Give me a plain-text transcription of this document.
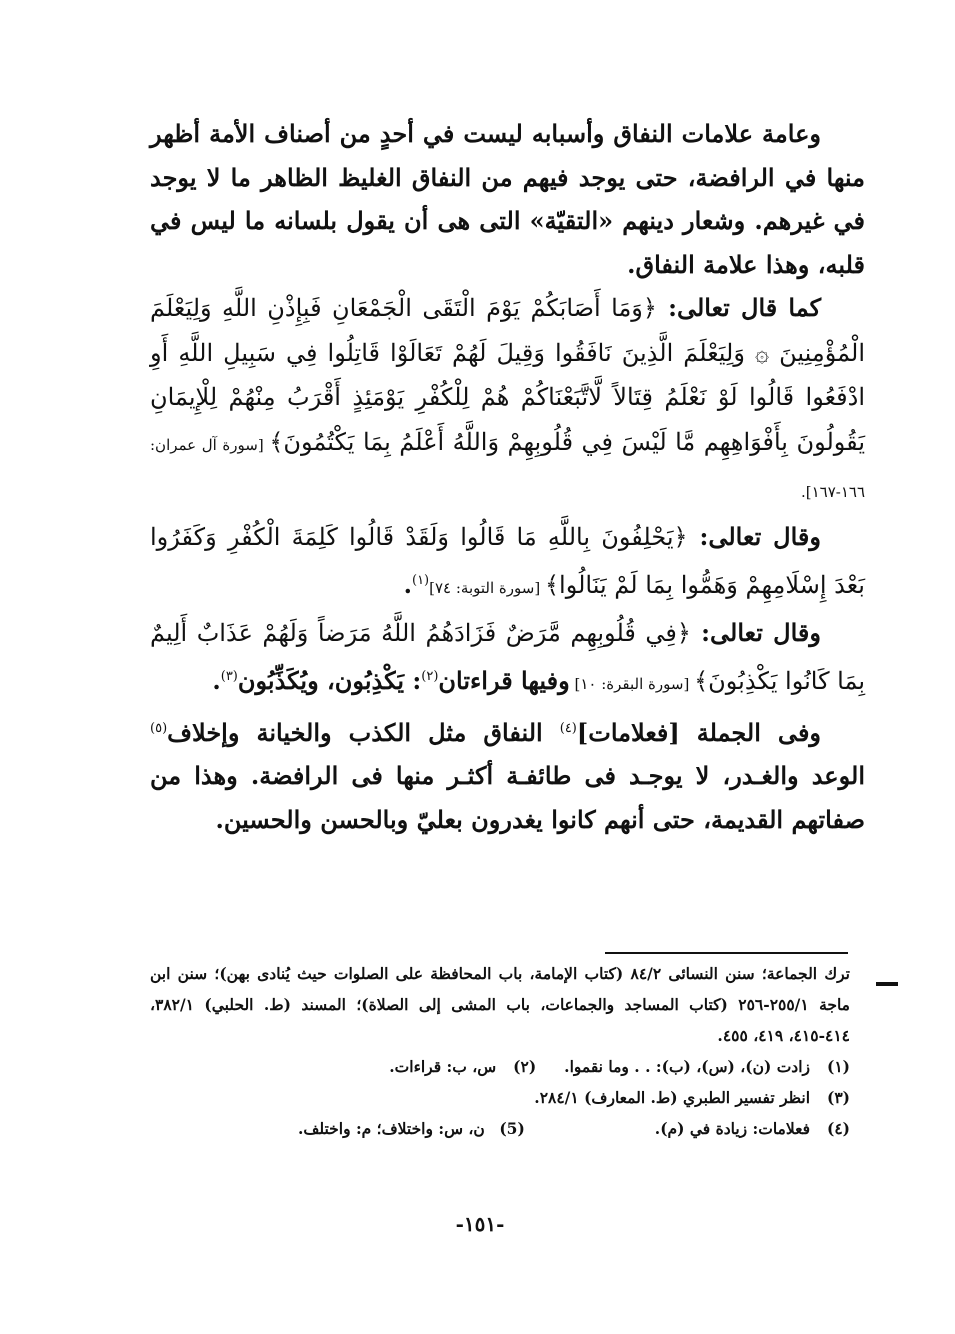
وعامة علامات النفاق وأسبابه ليست في أحدٍ من أصناف الأمة أظهر منها في الرافضة، حتى يوجد فيهم من النفاق الغليظ الظاهر ما لا يوجد في غيرهم. وشعار دينهم «التقيّة» التى هى أن يقول بلسانه ما ليس في قلبه، وهذا علامة النفاق.

كما قال تعالى: ﴿وَمَا أَصَابَكُمْ يَوْمَ الْتَقَى الْجَمْعَانِ فَبِإِذْنِ اللَّهِ وَلِيَعْلَمَ الْمُؤْمِنِينَ ۞ وَلِيَعْلَمَ الَّذِينَ نَافَقُوا وَقِيلَ لَهُمْ تَعَالَوْا قَاتِلُوا فِي سَبِيلِ اللَّهِ أَوِ ادْفَعُوا قَالُوا لَوْ نَعْلَمُ قِتَالاً لَّاتَّبَعْنَاكُمْ هُمْ لِلْكُفْرِ يَوْمَئِذٍ أَقْرَبُ مِنْهُمْ لِلْإِيمَانِ يَقُولُونَ بِأَفْوَاهِهِم مَّا لَيْسَ فِي قُلُوبِهِمْ وَاللَّهُ أَعْلَمُ بِمَا يَكْتُمُونَ﴾ [سورة آل عمران: ١٦٦-١٦٧].

وقال تعالى: ﴿يَحْلِفُونَ بِاللَّهِ مَا قَالُوا وَلَقَدْ قَالُوا كَلِمَةَ الْكُفْرِ وَكَفَرُوا بَعْدَ إِسْلَامِهِمْ وَهَمُّوا بِمَا لَمْ يَنَالُوا﴾ [سورة التوبة: ٧٤]$^{(١)}$.

وقال تعالى: ﴿فِي قُلُوبِهِم مَّرَضٌ فَزَادَهُمُ اللَّهُ مَرَضاً وَلَهُمْ عَذَابٌ أَلِيمٌ بِمَا كَانُوا يَكْذِبُونَ﴾ [سورة البقرة: ١٠] وفيها قراءتان$^{(٢)}$: يَكْذِبُون، ويُكَذِّبُون$^{(٣)}$.

وفى الجملة [فعلامات]$^{(٤)}$ النفاق مثل الكذب والخيانة وإخلاف$^{(٥)}$ الوعد والغـدر، لا يوجـد فى طائفـة أكثـر منها فى الرافضة. وهذا من صفاتهم القديمة، حتى أنهم كانوا يغدرون بعليّ وبالحسن والحسين.

ترك الجماعة؛ سنن النسائى ٨٤/٢ (كتاب الإمامة، باب المحافظة على الصلوات حيث يُنادى بهن)؛ سنن ابن ماجة ٢٥٥/١-٢٥٦ (كتاب المساجد والجماعات، باب المشى إلى الصلاة)؛ المسند (ط. الحلبي) ٣٨٢/١، ٤١٤-٤١٥، ٤١٩، ٤٥٥.

(١)
زادت (ن)، (س)، (ب): . . وما نقموا.
(٢)
س، ب: قراءات.
(٣)
انظر تفسير الطبري (ط. المعارف) ٢٨٤/١.
(٤)
فعلامات: زيادة في (م).
(5)
ن، س: واختلاف؛ م: واختلف.
-١٥١-
